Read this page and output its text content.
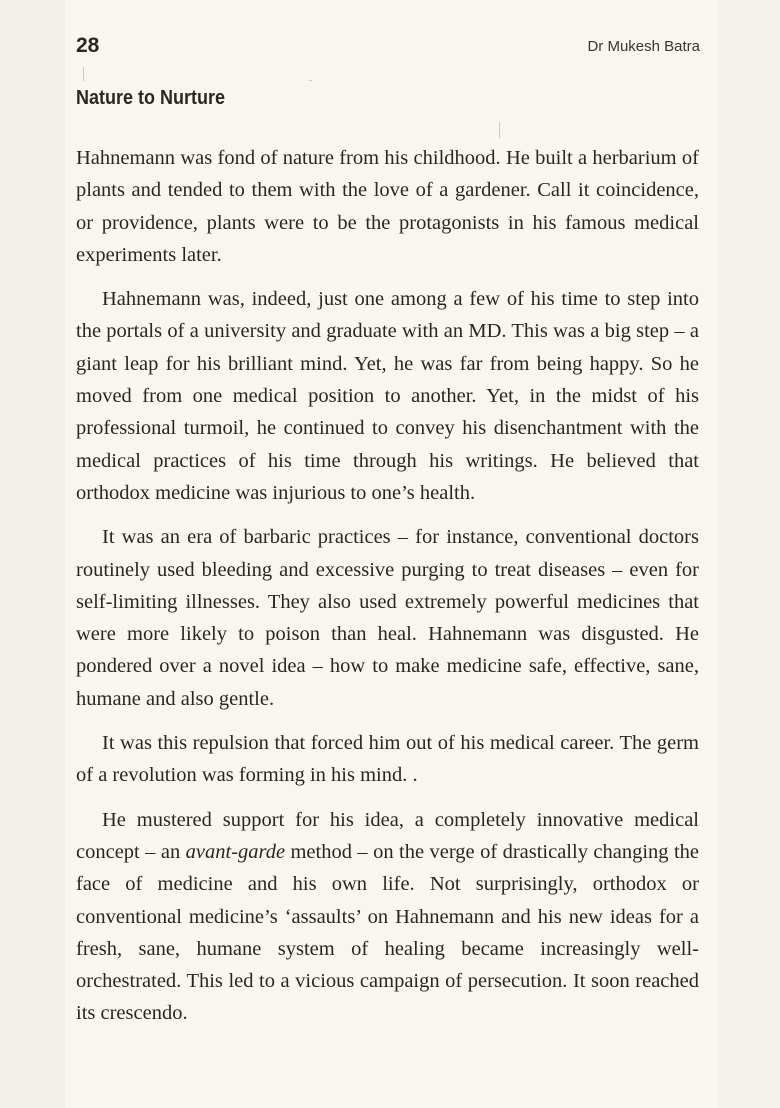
28	Dr Mukesh Batra
Nature to Nurture

Hahnemann was fond of nature from his childhood. He built a herbarium of plants and tended to them with the love of a gardener. Call it coincidence, or providence, plants were to be the protagonists in his famous medical experiments later.

Hahnemann was, indeed, just one among a few of his time to step into the portals of a university and graduate with an MD. This was a big step – a giant leap for his brilliant mind. Yet, he was far from being happy. So he moved from one medical position to another. Yet, in the midst of his professional turmoil, he continued to convey his disenchantment with the medical practices of his time through his writings. He believed that orthodox medicine was injurious to one’s health.

It was an era of barbaric practices – for instance, conventional doctors routinely used bleeding and excessive purging to treat diseases – even for self-limiting illnesses. They also used extremely powerful medicines that were more likely to poison than heal. Hahnemann was disgusted. He pondered over a novel idea – how to make medicine safe, effective, sane, humane and also gentle.

It was this repulsion that forced him out of his medical career. The germ of a revolution was forming in his mind. .

He mustered support for his idea, a completely innovative medical concept – an avant-garde method – on the verge of drastically changing the face of medicine and his own life. Not surprisingly, orthodox or conventional medicine’s ‘assaults’ on Hahnemann and his new ideas for a fresh, sane, humane system of healing became increasingly well-orchestrated. This led to a vicious campaign of persecution. It soon reached its crescendo.
